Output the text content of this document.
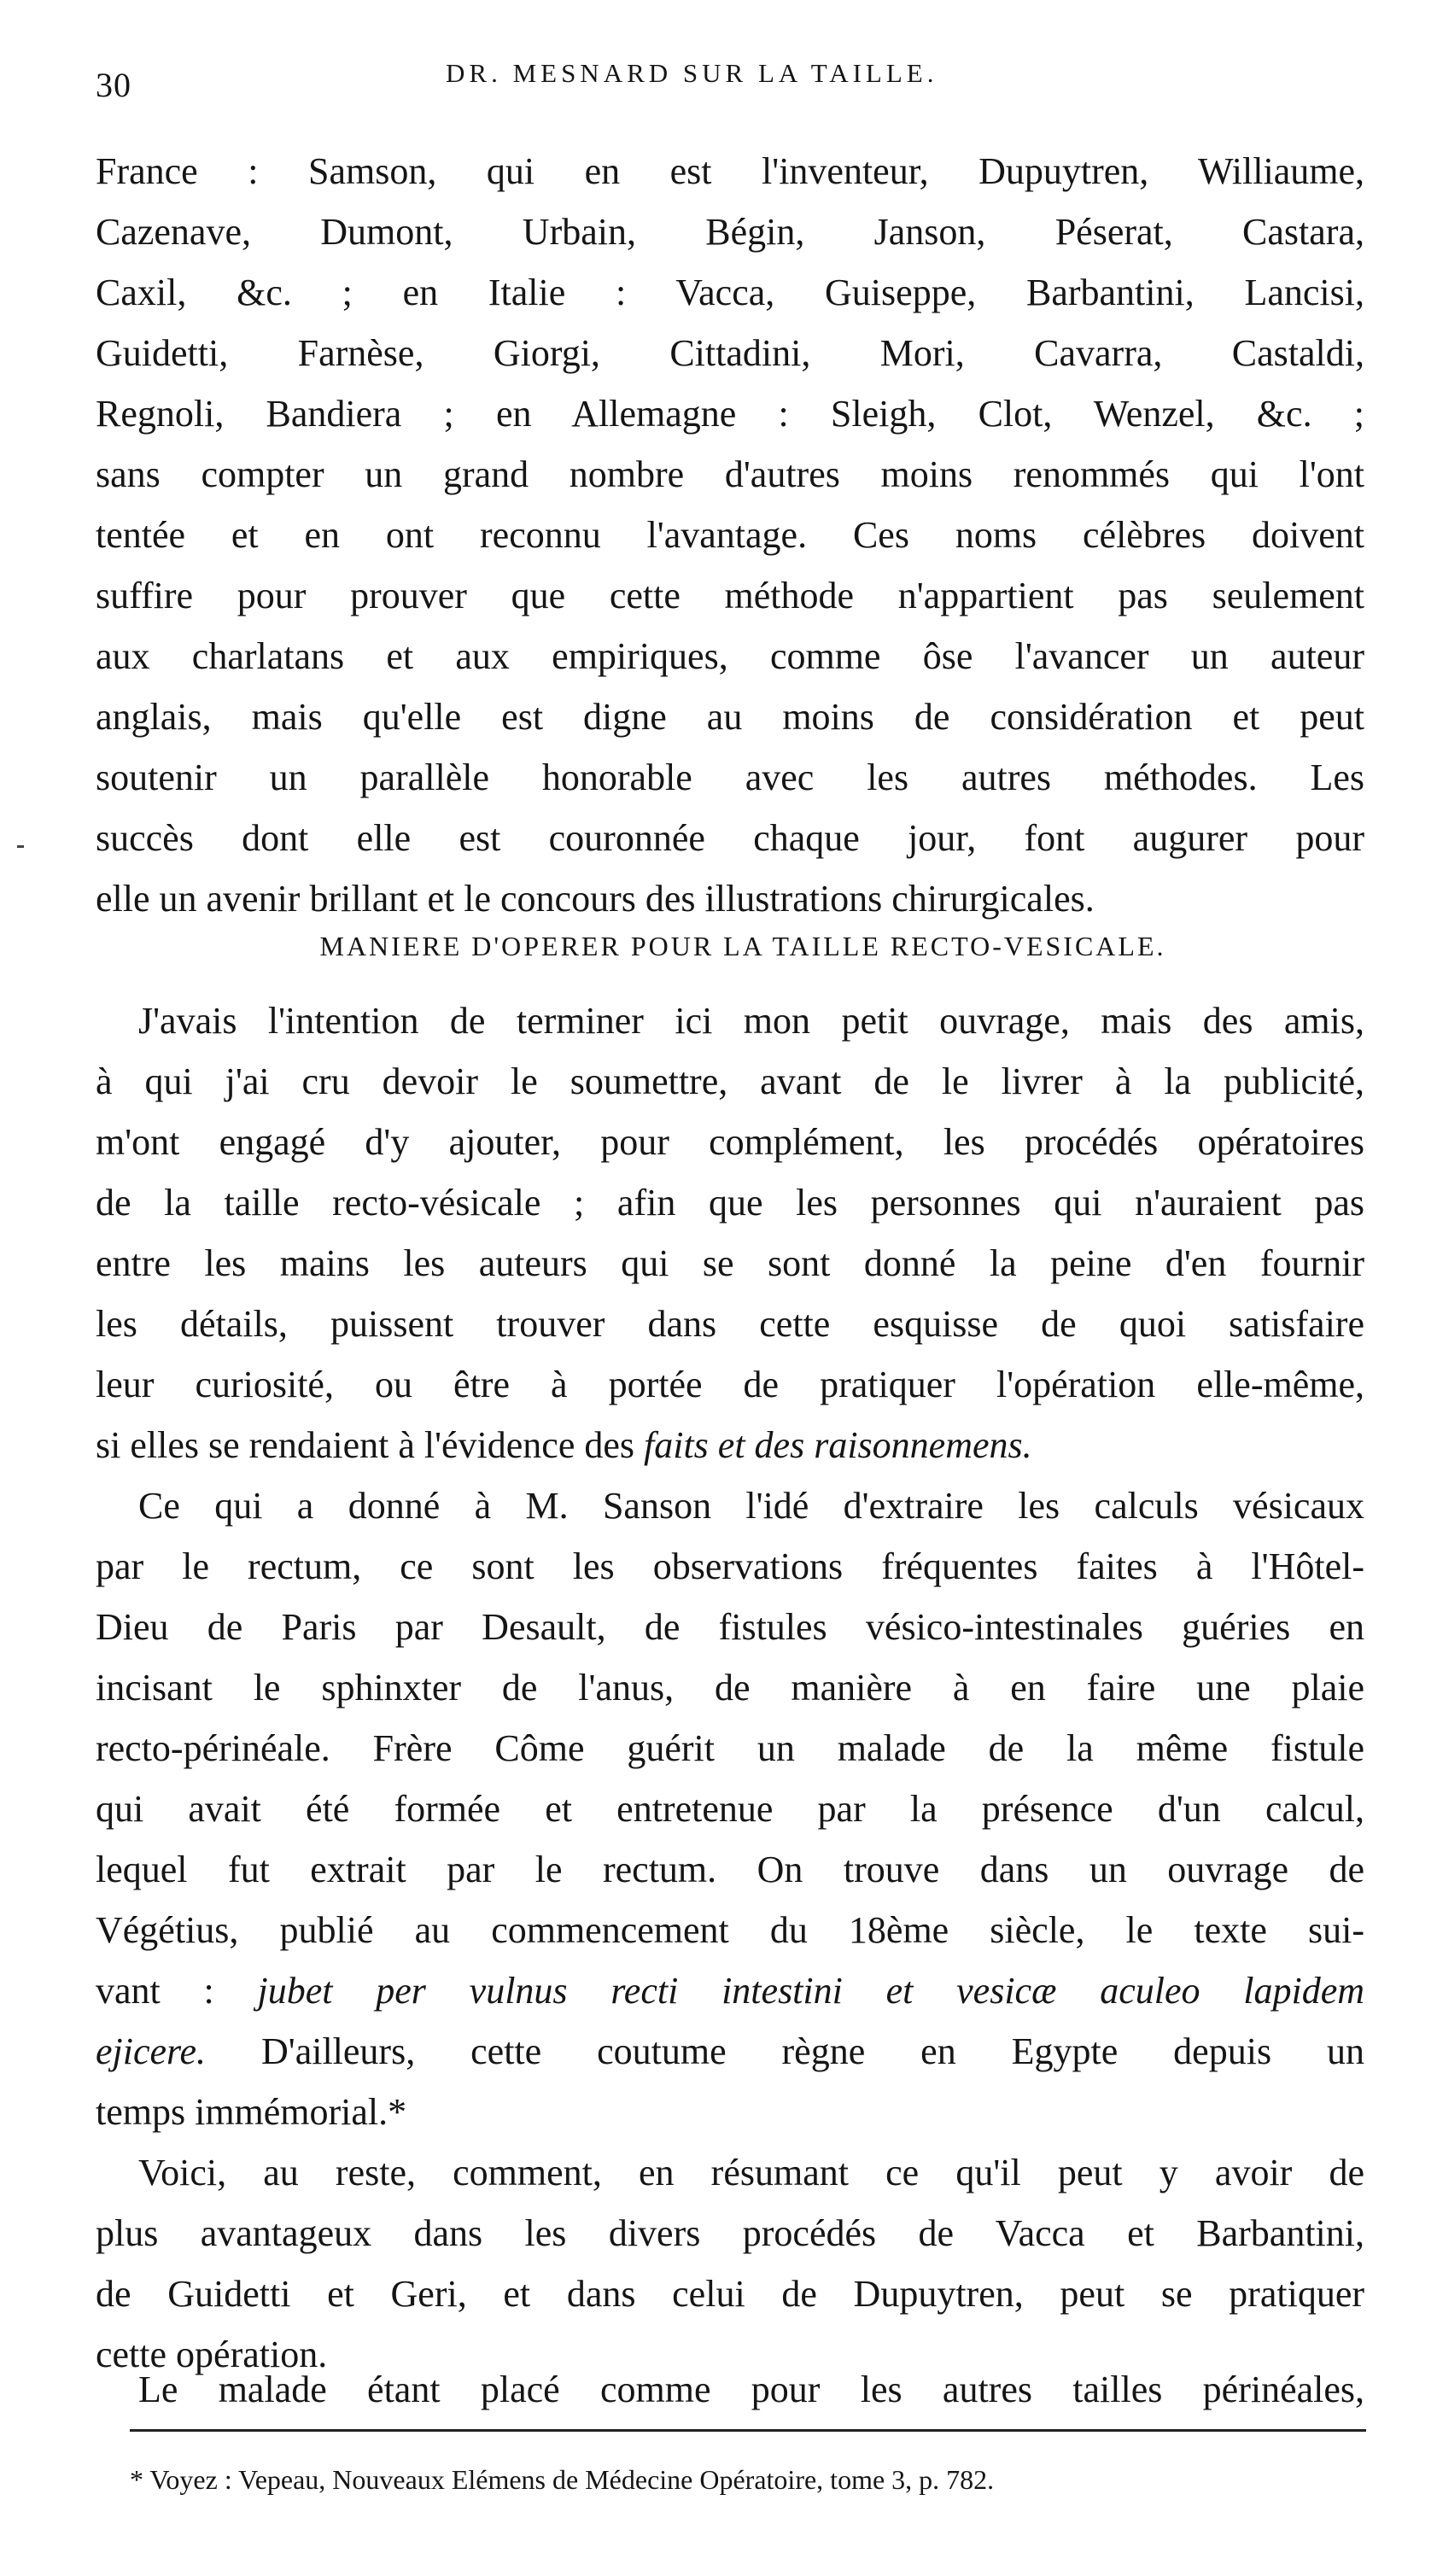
30	DR. MESNARD SUR LA TAILLE.
France : Samson, qui en est l'inventeur, Dupuytren, Williaume,
Cazenave, Dumont, Urbain, Bégin, Janson, Péserat, Castara,
Caxil, &c. ; en Italie : Vacca, Guiseppe, Barbantini, Lancisi,
Guidetti, Farnèse, Giorgi, Cittadini, Mori, Cavarra, Castaldi,
Regnoli, Bandiera ; en Allemagne : Sleigh, Clot, Wenzel, &c. ;
sans compter un grand nombre d'autres moins renommés qui l'ont
tentée et en ont reconnu l'avantage. Ces noms célèbres doivent
suffire pour prouver que cette méthode n'appartient pas seulement
aux charlatans et aux empiriques, comme ôse l'avancer un auteur
anglais, mais qu'elle est digne au moins de considération et peut
soutenir un parallèle honorable avec les autres méthodes. Les
succès dont elle est couronnée chaque jour, font augurer pour
elle un avenir brillant et le concours des illustrations chirurgicales.
MANIERE D'OPERER POUR LA TAILLE RECTO-VESICALE.
J'avais l'intention de terminer ici mon petit ouvrage, mais des amis,
à qui j'ai cru devoir le soumettre, avant de le livrer à la publicité,
m'ont engagé d'y ajouter, pour complément, les procédés opératoires
de la taille recto-vésicale ; afin que les personnes qui n'auraient pas
entre les mains les auteurs qui se sont donné la peine d'en fournir
les détails, puissent trouver dans cette esquisse de quoi satisfaire
leur curiosité, ou être à portée de pratiquer l'opération elle-même,
si elles se rendaient à l'évidence des faits et des raisonnemens.
Ce qui a donné à M. Sanson l'idé d'extraire les calculs vésicaux
par le rectum, ce sont les observations fréquentes faites à l'Hôtel-
Dieu de Paris par Desault, de fistules vésico-intestinales guéries en
incisant le sphinxter de l'anus, de manière à en faire une plaie
recto-périnéale. Frère Côme guérit un malade de la même fistule
qui avait été formée et entretenue par la présence d'un calcul,
lequel fut extrait par le rectum. On trouve dans un ouvrage de
Végétius, publié au commencement du 18ème siècle, le texte sui-
vant : jubet per vulnus recti intestini et vesicæ aculeo lapidem
ejicere. D'ailleurs, cette coutume règne en Egypte depuis un
temps immémorial.*
Voici, au reste, comment, en résumant ce qu'il peut y avoir de
plus avantageux dans les divers procédés de Vacca et Barbantini,
de Guidetti et Geri, et dans celui de Dupuytren, peut se pratiquer
cette opération.
Le malade étant placé comme pour les autres tailles périnéales,
* Voyez : Vepeau, Nouveaux Elémens de Médecine Opératoire, tome 3, p. 782.
